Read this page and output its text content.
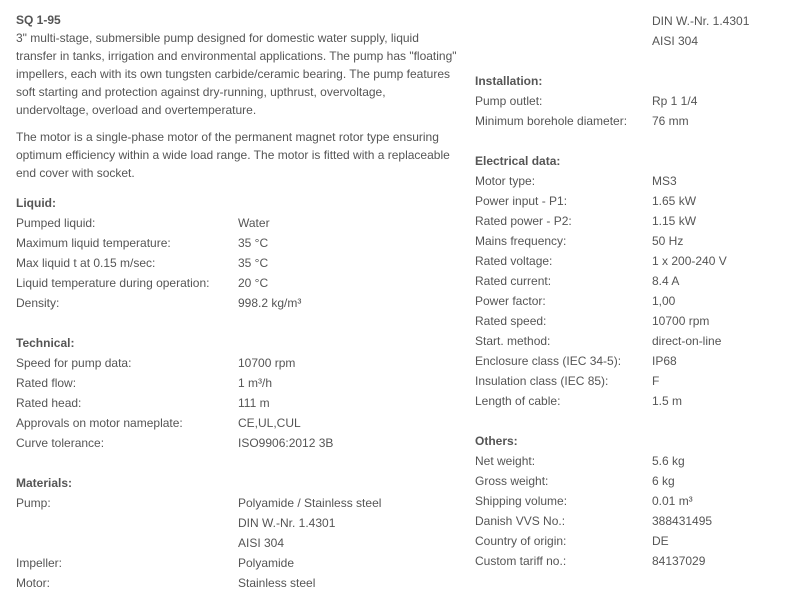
SQ 1-95

3" multi-stage, submersible pump designed for domestic water supply, liquid transfer in tanks, irrigation and environmental applications. The pump has "floating" impellers, each with its own tungsten carbide/ceramic bearing. The pump features soft starting and protection against dry-running, upthrust, overvoltage, undervoltage, overload and overtemperature.

The motor is a single-phase motor of the permanent magnet rotor type ensuring optimum efficiency within a wide load range. The motor is fitted with a replaceable end cover with socket.

Liquid:
Pumped liquid:	Water
Maximum liquid temperature:	35 °C
Max liquid t at 0.15 m/sec:	35 °C
Liquid temperature during operation:	20 °C
Density:	998.2 kg/m³
Technical:
Speed for pump data:	10700 rpm
Rated flow:	1 m³/h
Rated head:	111 m
Approvals on motor nameplate:	CE,UL,CUL
Curve tolerance:	ISO9906:2012 3B
Materials:
Pump:	Polyamide / Stainless steel
DIN W.-Nr. 1.4301
AISI 304
Impeller:	Polyamide
Motor:	Stainless steel
DIN W.-Nr. 1.4301
AISI 304
Installation:
Pump outlet:	Rp 1 1/4
Minimum borehole diameter:	76 mm
Electrical data:
Motor type:	MS3
Power input - P1:	1.65 kW
Rated power - P2:	1.15 kW
Mains frequency:	50 Hz
Rated voltage:	1 x 200-240 V
Rated current:	8.4 A
Power factor:	1,00
Rated speed:	10700 rpm
Start. method:	direct-on-line
Enclosure class (IEC 34-5):	IP68
Insulation class (IEC 85):	F
Length of cable:	1.5 m
Others:
Net weight:	5.6 kg
Gross weight:	6 kg
Shipping volume:	0.01 m³
Danish VVS No.:	388431495
Country of origin:	DE
Custom tariff no.:	84137029
